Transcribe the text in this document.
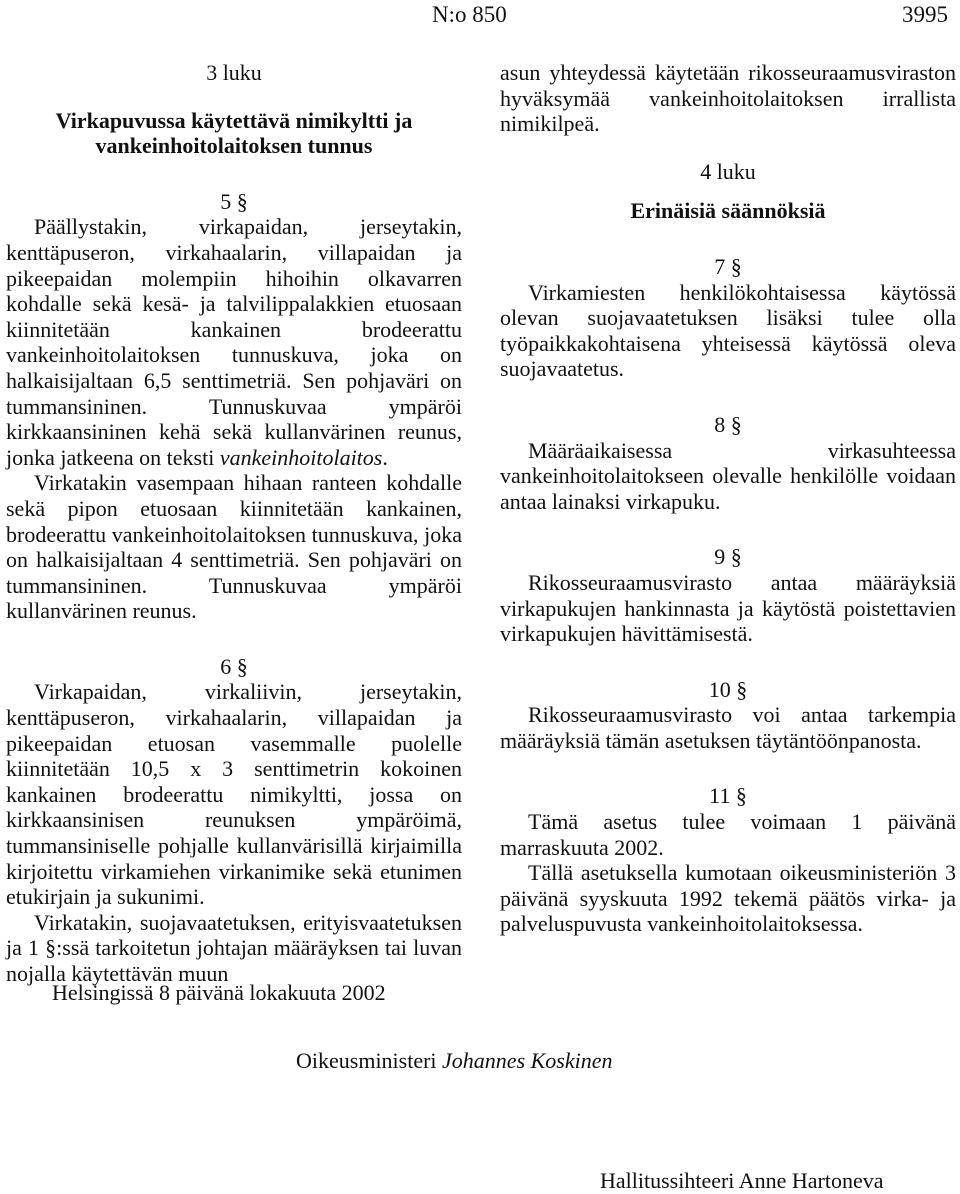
N:o 850	3995
3 luku
Virkapuvussa käytettävä nimikyltti ja vankeinhoitolaitoksen tunnus
5 §

Päällystakin, virkapaidan, jerseytakin, kenttäpuseron, virkahaalarin, villapaidan ja pikeepaidan molempiin hihoihin olkavarren kohdalle sekä kesä- ja talvilippalakkien etuosaan kiinnitetään kankainen brodeerattu vankeinhoitolaitoksen tunnuskuva, joka on halkaisijaltaan 6,5 senttimetriä. Sen pohjaväri on tummansininen. Tunnuskuvaa ympäröi kirkkaansininen kehä sekä kullanvärinen reunus, jonka jatkeena on teksti vankeinhoitolaitos.

Virkatakin vasempaan hihaan ranteen kohdalle sekä pipon etuosaan kiinnitetään kankainen, brodeerattu vankeinhoitolaitoksen tunnuskuva, joka on halkaisijaltaan 4 senttimetriä. Sen pohjaväri on tummansininen. Tunnuskuvaa ympäröi kullanvärinen reunus.

6 §

Virkapaidan, virkaliivin, jerseytakin, kenttäpuseron, virkahaalarin, villapaidan ja pikeepaidan etuosan vasemmalle puolelle kiinnitetään 10,5 x 3 senttimetrin kokoinen kankainen brodeerattu nimikyltti, jossa on kirkkaansinisen reunuksen ympäröimä, tummansiniselle pohjalle kullanvärisillä kirjaimilla kirjoitettu virkamiehen virkanimike sekä etunimen etukirjain ja sukunimi.

Virkatakin, suojavaatetuksen, erityisvaatetuksen ja 1 §:ssä tarkoitetun johtajan määräyksen tai luvan nojalla käytettävän muun

asun yhteydessä käytetään rikosseuraamusviraston hyväksymää vankeinhoitolaitoksen irrallista nimikilpeä.

4 luku
Erinäisiä säännöksiä
7 §

Virkamiesten henkilökohtaisessa käytössä olevan suojavaatetuksen lisäksi tulee olla työpaikkakohtaisena yhteisessä käytössä oleva suojavaatetus.

8 §

Määräaikaisessa virkasuhteessa vankeinhoitolaitokseen olevalle henkilölle voidaan antaa lainaksi virkapuku.

9 §

Rikosseuraamusvirasto antaa määräyksiä virkapukujen hankinnasta ja käytöstä poistettavien virkapukujen hävittämisestä.

10 §

Rikosseuraamusvirasto voi antaa tarkempia määräyksiä tämän asetuksen täytäntöönpanosta.

11 §

Tämä asetus tulee voimaan 1 päivänä marraskuuta 2002.

Tällä asetuksella kumotaan oikeusministeriön 3 päivänä syyskuuta 1992 tekemä päätös virka- ja palveluspuvusta vankeinhoitolaitoksessa.

Helsingissä 8 päivänä lokakuuta 2002
Oikeusministeri Johannes Koskinen
Hallitussihteeri Anne Hartoneva
